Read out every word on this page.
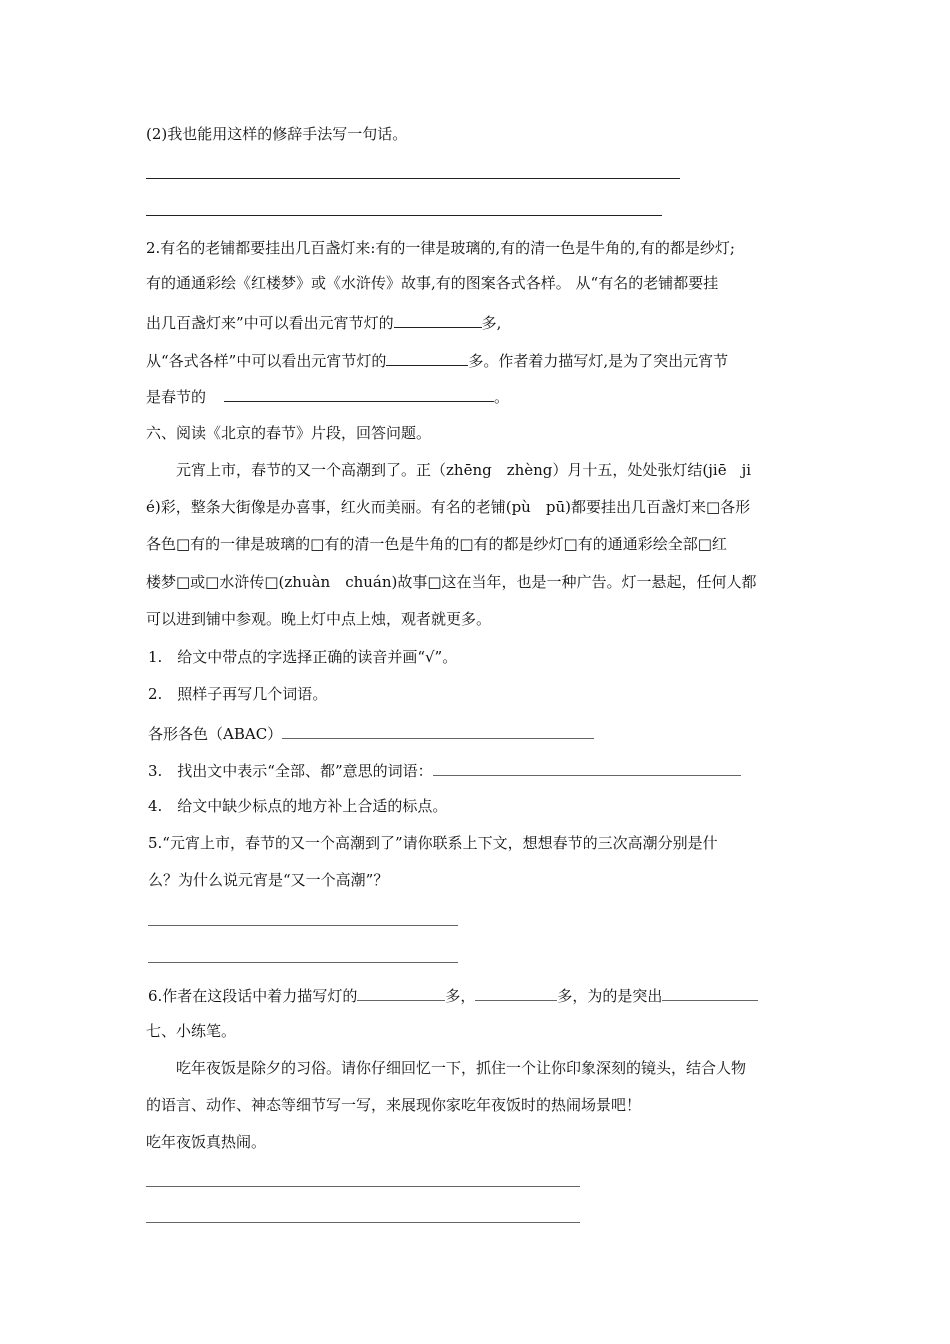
(2)我也能用这样的修辞手法写一句话。
2.有名的老铺都要挂出几百盏灯来:有的一律是玻璃的,有的清一色是牛角的,有的都是纱灯;
有的通通彩绘《红楼梦》或《水浒传》故事,有的图案各式各样。 从“有名的老铺都要挂
出几百盏灯来”中可以看出元宵节灯的	多,
从“各式各样”中可以看出元宵节灯的	多。作者着力描写灯,是为了突出元宵节
是春节的	。
六、阅读《北京的春节》片段，回答问题。
元宵上市，春节的又一个高潮到了。正（zhēng　zhèng）月十五，处处张灯结(jiē　ji
é)彩，整条大街像是办喜事，红火而美丽。有名的老铺(pù　pū)都要挂出几百盏灯来□各形
各色□有的一律是玻璃的□有的清一色是牛角的□有的都是纱灯□有的通通彩绘全部□红
楼梦□或□水浒传□(zhuàn　chuán)故事□这在当年，也是一种广告。灯一悬起，任何人都
可以进到铺中参观。晚上灯中点上烛，观者就更多。
1.　给文中带点的字选择正确的读音并画“√”。
2.　照样子再写几个词语。
各形各色（ABAC）
3.　找出文中表示“全部、都”意思的词语：
4.　给文中缺少标点的地方补上合适的标点。
5.“元宵上市，春节的又一个高潮到了”请你联系上下文，想想春节的三次高潮分别是什
么？为什么说元宵是“又一个高潮”？
6.作者在这段话中着力描写灯的	多，	多，为的是突出
七、小练笔。
吃年夜饭是除夕的习俗。请你仔细回忆一下，抓住一个让你印象深刻的镜头，结合人物
的语言、动作、神态等细节写一写，来展现你家吃年夜饭时的热闹场景吧！
吃年夜饭真热闹。
